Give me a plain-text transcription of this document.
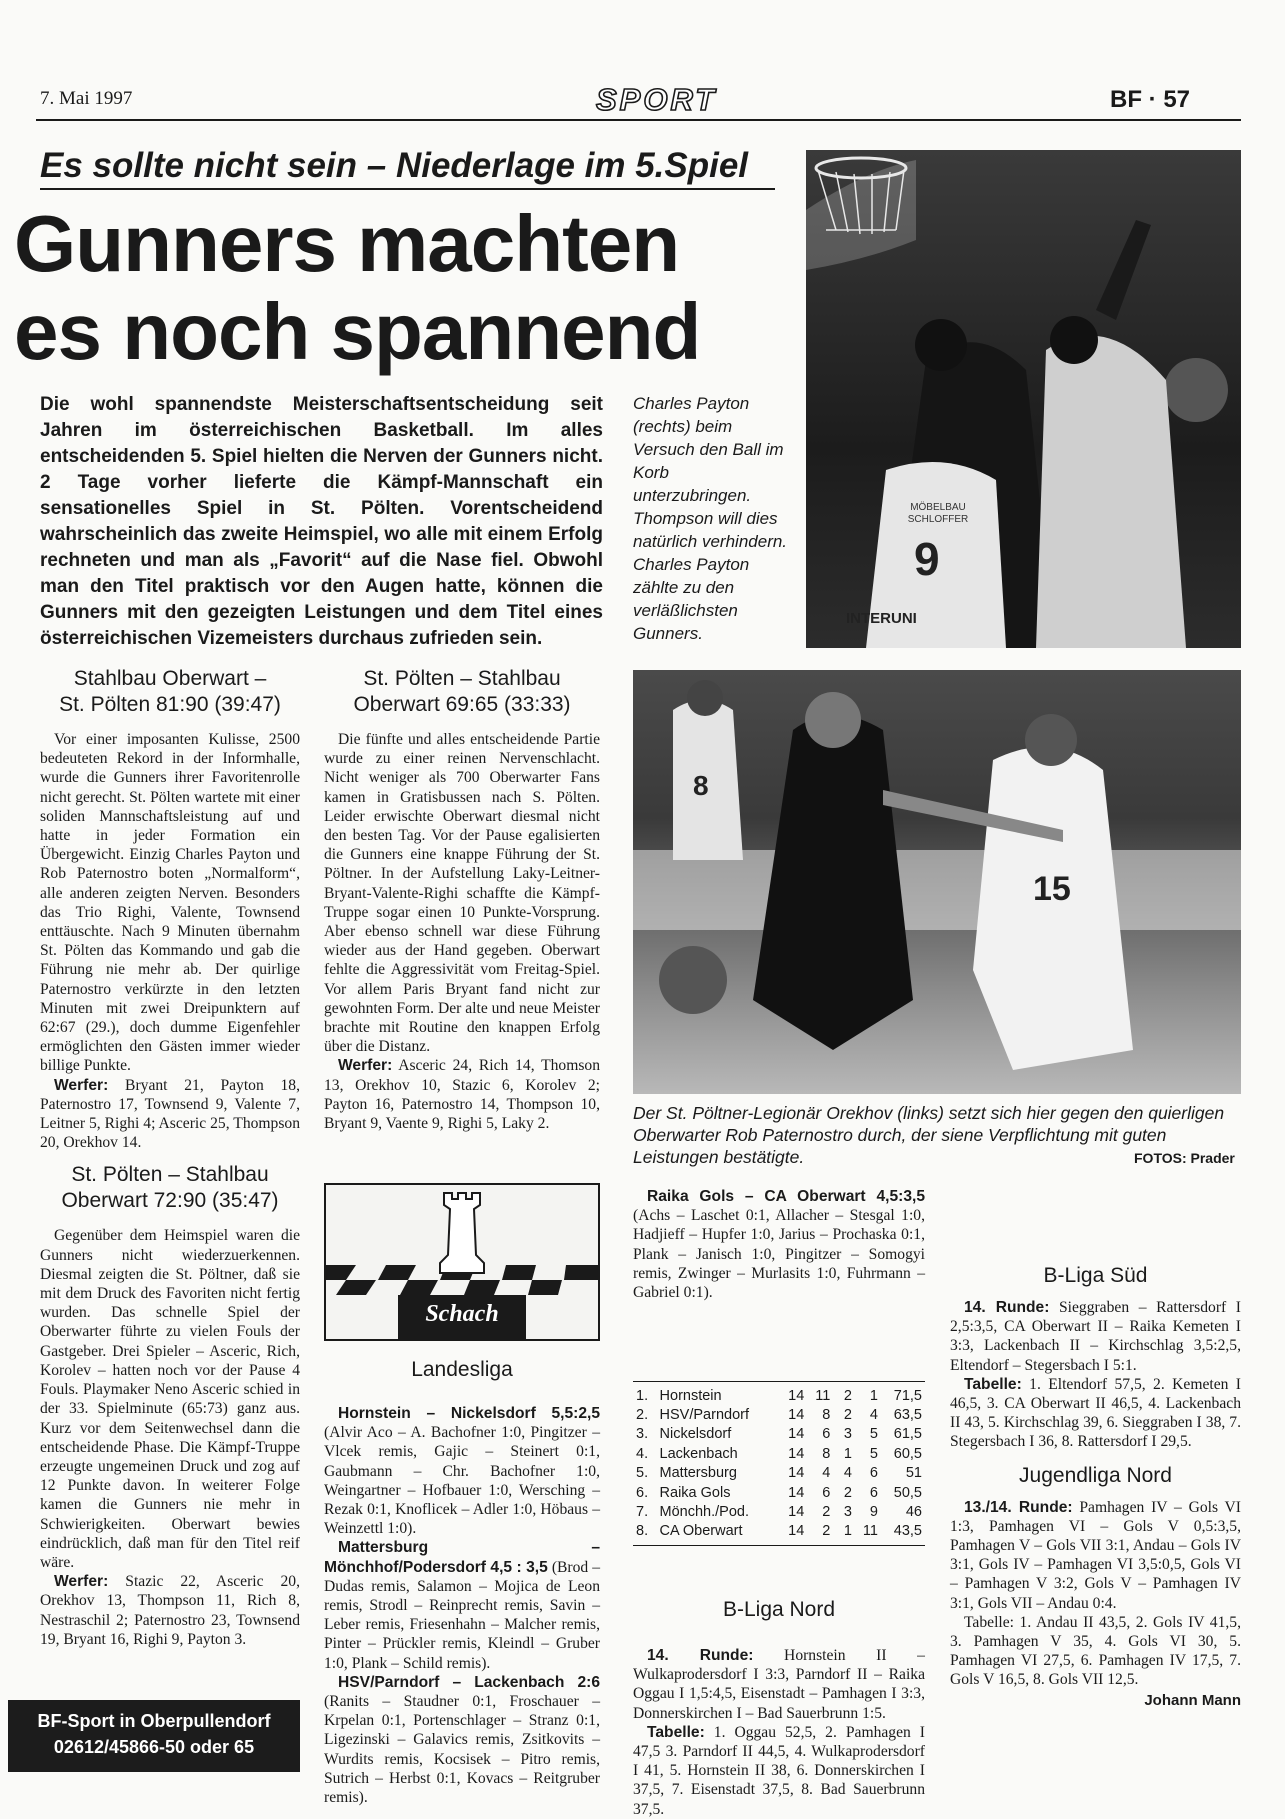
7. Mai 1997	SPORT	BF · 57
Es sollte nicht sein – Niederlage im 5.Spiel
Gunners machten
es noch spannend
Die wohl spannendste Meisterschaftsentscheidung seit Jahren im österreichischen Basketball. Im alles entscheidenden 5. Spiel hielten die Nerven der Gunners nicht. 2 Tage vorher lieferte die Kämpf-Mannschaft ein sensationelles Spiel in St. Pölten. Vorentscheidend wahrscheinlich das zweite Heimspiel, wo alle mit einem Erfolg rechneten und man als „Favorit“ auf die Nase fiel. Obwohl man den Titel praktisch vor den Augen hatte, können die Gunners mit den gezeigten Leistungen und dem Titel eines österreichischen Vizemeisters durchaus zufrieden sein.
MÖBELBAU SCHLOFFER
9
INTERUNI
Charles Payton (rechts) beim Versuch den Ball im Korb unterzubringen. Thompson will dies natürlich verhindern. Charles Payton zählte zu den verläßlichsten Gunners.
Stahlbau Oberwart –
St. Pölten 81:90 (39:47)

Vor einer imposanten Kulisse, 2500 bedeuteten Rekord in der Informhalle, wurde die Gunners ihrer Favoritenrolle nicht gerecht. St. Pölten wartete mit einer soliden Mannschaftsleistung auf und hatte in jeder Formation ein Übergewicht. Einzig Charles Payton und Rob Paternostro boten „Normalform“, alle anderen zeigten Nerven. Besonders das Trio Righi, Valente, Townsend enttäuschte. Nach 9 Minuten übernahm St. Pölten das Kommando und gab die Führung nie mehr ab. Der quirlige Paternostro verkürzte in den letzten Minuten mit zwei Dreipunktern auf 62:67 (29.), doch dumme Eigenfehler ermöglichten den Gästen immer wieder billige Punkte.

Werfer: Bryant 21, Payton 18, Paternostro 17, Townsend 9, Valente 7, Leitner 5, Righi 4; Asceric 25, Thompson 20, Orekhov 14.

St. Pölten – Stahlbau
Oberwart 72:90 (35:47)

Gegenüber dem Heimspiel waren die Gunners nicht wiederzuerkennen. Diesmal zeigten die St. Pöltner, daß sie mit dem Druck des Favoriten nicht fertig wurden. Das schnelle Spiel der Oberwarter führte zu vielen Fouls der Gastgeber. Drei Spieler – Asceric, Rich, Korolev – hatten noch vor der Pause 4 Fouls. Playmaker Neno Asceric schied in der 33. Spielminute (65:73) ganz aus. Kurz vor dem Seitenwechsel dann die entscheidende Phase. Die Kämpf-Truppe erzeugte ungemeinen Druck und zog auf 12 Punkte davon. In weiterer Folge kamen die Gunners nie mehr in Schwierigkeiten. Oberwart bewies eindrücklich, daß man für den Titel reif wäre.

Werfer: Stazic 22, Asceric 20, Orekhov 13, Thompson 11, Rich 8, Nestraschil 2; Paternostro 23, Townsend 19, Bryant 16, Righi 9, Payton 3.

BF-Sport in Oberpullendorf
02612/45866-50 oder 65
St. Pölten – Stahlbau
Oberwart 69:65 (33:33)

Die fünfte und alles entscheidende Partie wurde zu einer reinen Nervenschlacht. Nicht weniger als 700 Oberwarter Fans kamen in Gratisbussen nach S. Pölten. Leider erwischte Oberwart diesmal nicht den besten Tag. Vor der Pause egalisierten die Gunners eine knappe Führung der St. Pöltner. In der Aufstellung Laky-Leitner-Bryant-Valente-Righi schaffte die Kämpf-Truppe sogar einen 10 Punkte-Vorsprung. Aber ebenso schnell war diese Führung wieder aus der Hand gegeben. Oberwart fehlte die Aggressivität vom Freitag-Spiel. Vor allem Paris Bryant fand nicht zur gewohnten Form. Der alte und neue Meister brachte mit Routine den knappen Erfolg über die Distanz.

Werfer: Asceric 24, Rich 14, Thomson 13, Orekhov 10, Stazic 6, Korolev 2; Payton 16, Paternostro 14, Thompson 10, Bryant 9, Vaente 9, Righi 5, Laky 2.

Schach
Landesliga

Hornstein – Nickelsdorf 5,5:2,5 (Alvir Aco – A. Bachofner 1:0, Pingitzer – Vlcek remis, Gajic – Steinert 0:1, Gaubmann – Chr. Bachofner 1:0, Weingartner – Hofbauer 1:0, Wersching – Rezak 0:1, Knoflicek – Adler 1:0, Höbaus – Weinzettl 1:0).

Mattersburg – Mönchhof/Podersdorf 4,5 : 3,5 (Brod – Dudas remis, Salamon – Mojica de Leon remis, Strodl – Reinprecht remis, Savin – Leber remis, Friesenhahn – Malcher remis, Pinter – Prückler remis, Kleindl – Gruber 1:0, Plank – Schild remis).

HSV/Parndorf – Lackenbach 2:6 (Ranits – Staudner 0:1, Froschauer – Krpelan 0:1, Portenschlager – Stranz 0:1, Ligezinski – Galavics remis, Zsitkovits – Wurdits remis, Kocsisek – Pitro remis, Sutrich – Herbst 0:1, Kovacs – Reitgruber remis).

15
8
Der St. Pöltner-Legionär Orekhov (links) setzt sich hier gegen den quierligen Oberwarter Rob Paternostro durch, der siene Verpflichtung mit guten Leistungen bestätigte.	FOTOS: Prader

Raika Gols – CA Oberwart 4,5:3,5 (Achs – Laschet 0:1, Allacher – Stesgal 1:0, Hadjieff – Hupfer 1:0, Jarius – Prochaska 0:1, Plank – Janisch 1:0, Pingitzer – Somogyi remis, Zwinger – Murlasits 1:0, Fuhrmann – Gabriel 0:1).

1.	Hornstein	14	11	2	1	71,5
2.	HSV/Parndorf	14	8	2	4	63,5
3.	Nickelsdorf	14	6	3	5	61,5
4.	Lackenbach	14	8	1	5	60,5
5.	Mattersburg	14	4	4	6	51
6.	Raika Gols	14	6	2	6	50,5
7.	Mönchh./Pod.	14	2	3	9	46
8.	CA Oberwart	14	2	1	11	43,5
B-Liga Nord

14. Runde: Hornstein II – Wulkaprodersdorf I 3:3, Parndorf II – Raika Oggau I 1,5:4,5, Eisenstadt – Pamhagen I 3:3, Donnerskirchen I – Bad Sauerbrunn 1:5.

Tabelle: 1. Oggau 52,5, 2. Pamhagen I 47,5 3. Parndorf II 44,5, 4. Wulkaprodersdorf I 41, 5. Hornstein II 38, 6. Donnerskirchen I 37,5, 7. Eisenstadt 37,5, 8. Bad Sauerbrunn 37,5.

B-Liga Süd

14. Runde: Sieggraben – Rattersdorf I 2,5:3,5, CA Oberwart II – Raika Kemeten I 3:3, Lackenbach II – Kirchschlag 3,5:2,5, Eltendorf – Stegersbach I 5:1.

Tabelle: 1. Eltendorf 57,5, 2. Kemeten I 46,5, 3. CA Oberwart II 46,5, 4. Lackenbach II 43, 5. Kirchschlag 39, 6. Sieggraben I 38, 7. Stegersbach I 36, 8. Rattersdorf I 29,5.

Jugendliga Nord

13./14. Runde: Pamhagen IV – Gols VI 1:3, Pamhagen VI – Gols V 0,5:3,5, Pamhagen V – Gols VII 3:1, Andau – Gols IV 3:1, Gols IV – Pamhagen VI 3,5:0,5, Gols VI – Pamhagen V 3:2, Gols V – Pamhagen IV 3:1, Gols VII – Andau 0:4.

Tabelle: 1. Andau II 43,5, 2. Gols IV 41,5, 3. Pamhagen V 35, 4. Gols VI 30, 5. Pamhagen VI 27,5, 6. Pamhagen IV 17,5, 7. Gols V 16,5, 8. Gols VII 12,5.

Johann Mann
